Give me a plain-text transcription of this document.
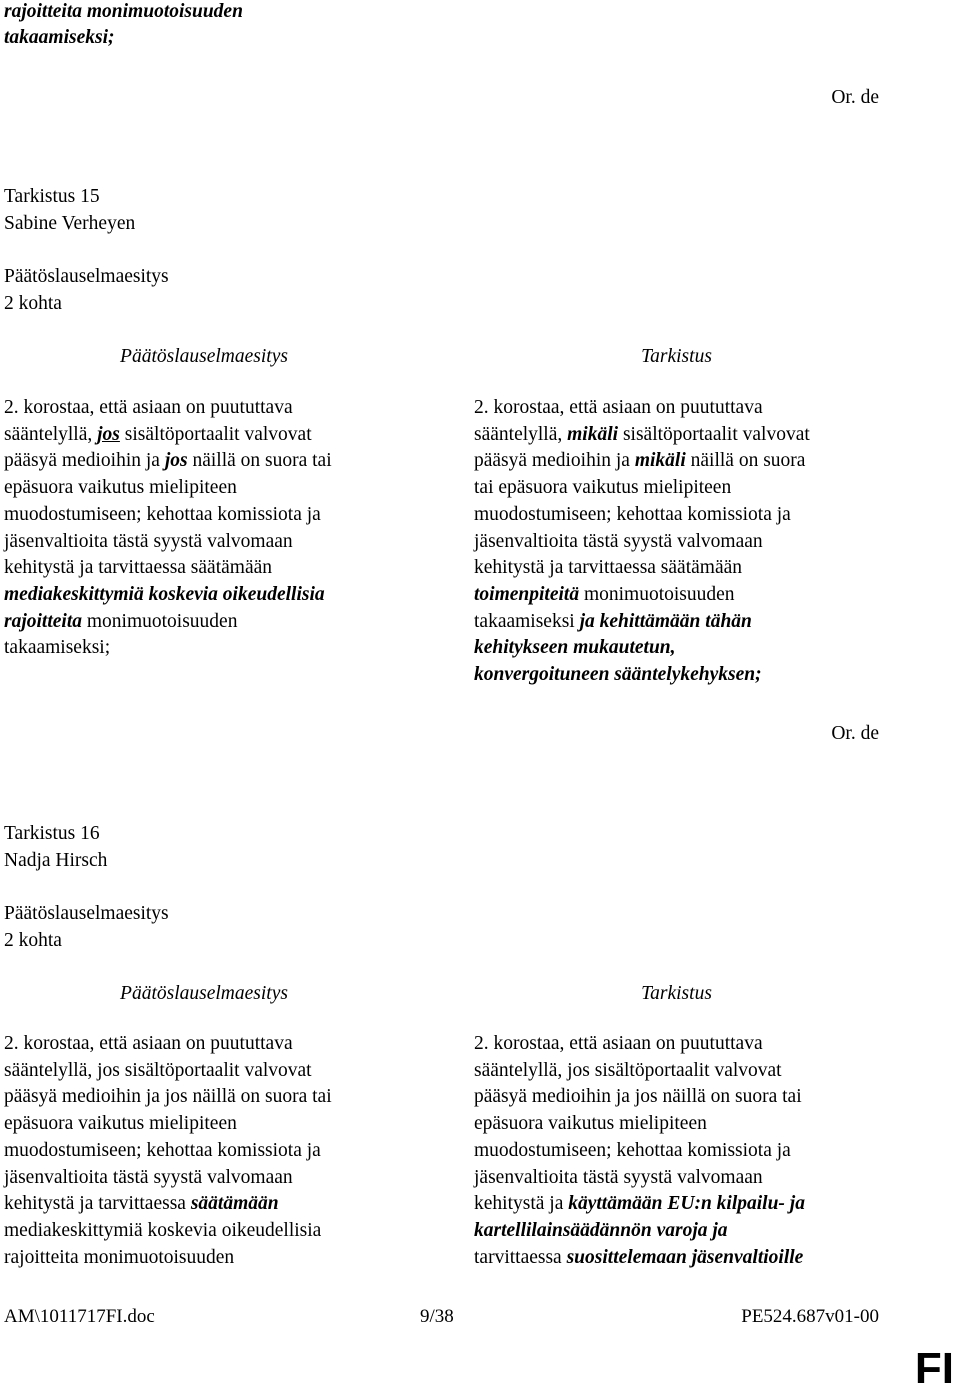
rajoitteita monimuotoisuuden
takaamiseksi;
Or. de
Tarkistus 15
Sabine Verheyen
Päätöslauselmaesitys
2 kohta
Päätöslauselmaesitys	Tarkistus
2. korostaa, että asiaan on puututtava
sääntelyllä, jos sisältöportaalit valvovat
pääsyä medioihin ja jos näillä on suora tai
epäsuora vaikutus mielipiteen
muodostumiseen; kehottaa komissiota ja
jäsenvaltioita tästä syystä valvomaan
kehitystä ja tarvittaessa säätämään
mediakeskittymiä koskevia oikeudellisia
rajoitteita monimuotoisuuden
takaamiseksi;
2. korostaa, että asiaan on puututtava
sääntelyllä, mikäli sisältöportaalit valvovat
pääsyä medioihin ja mikäli näillä on suora
tai epäsuora vaikutus mielipiteen
muodostumiseen; kehottaa komissiota ja
jäsenvaltioita tästä syystä valvomaan
kehitystä ja tarvittaessa säätämään
toimenpiteitä monimuotoisuuden
takaamiseksi ja kehittämään tähän
kehitykseen mukautetun,
konvergoituneen sääntelykehyksen;
Or. de
Tarkistus 16
Nadja Hirsch
Päätöslauselmaesitys
2 kohta
Päätöslauselmaesitys	Tarkistus
2. korostaa, että asiaan on puututtava
sääntelyllä, jos sisältöportaalit valvovat
pääsyä medioihin ja jos näillä on suora tai
epäsuora vaikutus mielipiteen
muodostumiseen; kehottaa komissiota ja
jäsenvaltioita tästä syystä valvomaan
kehitystä ja tarvittaessa säätämään
mediakeskittymiä koskevia oikeudellisia
rajoitteita monimuotoisuuden
2. korostaa, että asiaan on puututtava
sääntelyllä, jos sisältöportaalit valvovat
pääsyä medioihin ja jos näillä on suora tai
epäsuora vaikutus mielipiteen
muodostumiseen; kehottaa komissiota ja
jäsenvaltioita tästä syystä valvomaan
kehitystä ja käyttämään EU:n kilpailu- ja
kartellilainsäädännön varoja ja
tarvittaessa suosittelemaan jäsenvaltioille
AM\1011717FI.doc	9/38	PE524.687v01-00
FI
